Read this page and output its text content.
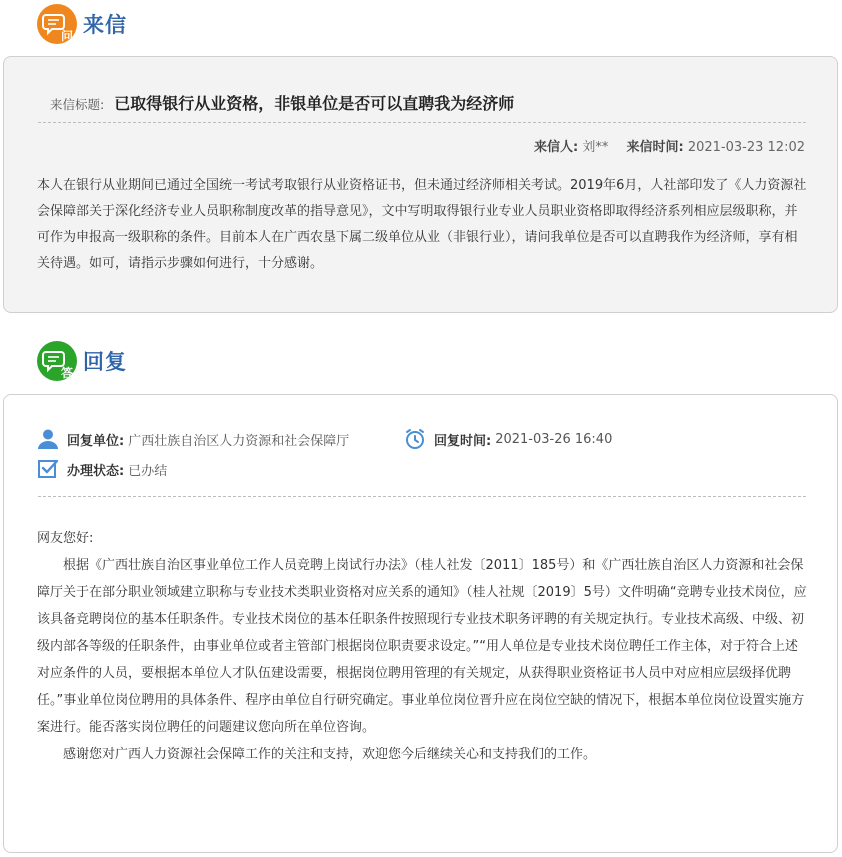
问 来信
来信标题: 已取得银行从业资格，非银单位是否可以直聘我为经济师
来信人: 刘** 来信时间: 2021-03-23 12:02

本人在银行从业期间已通过全国统一考试考取银行从业资格证书，但未通过经济师相关考试。2019年6月，人社部印发了《人力资源社会保障部关于深化经济专业人员职称制度改革的指导意见》，文中写明取得银行业专业人员职业资格即取得经济系列相应层级职称，并可作为申报高一级职称的条件。目前本人在广西农垦下属二级单位从业（非银行业），请问我单位是否可以直聘我作为经济师，享有相关待遇。如可，请指示步骤如何进行，十分感谢。

答 回复
回复单位: 广西壮族自治区人力资源和社会保障厅	回复时间: 2021-03-26 16:40
办理状态: 已办结

网友您好:

根据《广西壮族自治区事业单位工作人员竞聘上岗试行办法》（桂人社发〔2011〕185号）和《广西壮族自治区人力资源和社会保障厅关于在部分职业领域建立职称与专业技术类职业资格对应关系的通知》（桂人社规〔2019〕5号）文件明确“竞聘专业技术岗位，应该具备竞聘岗位的基本任职条件。专业技术岗位的基本任职条件按照现行专业技术职务评聘的有关规定执行。专业技术高级、中级、初级内部各等级的任职条件，由事业单位或者主管部门根据岗位职责要求设定。”“用人单位是专业技术岗位聘任工作主体，对于符合上述对应条件的人员，要根据本单位人才队伍建设需要，根据岗位聘用管理的有关规定，从获得职业资格证书人员中对应相应层级择优聘任。”事业单位岗位聘用的具体条件、程序由单位自行研究确定。事业单位岗位晋升应在岗位空缺的情况下，根据本单位岗位设置实施方案进行。能否落实岗位聘任的问题建议您向所在单位咨询。

感谢您对广西人力资源社会保障工作的关注和支持，欢迎您今后继续关心和支持我们的工作。
